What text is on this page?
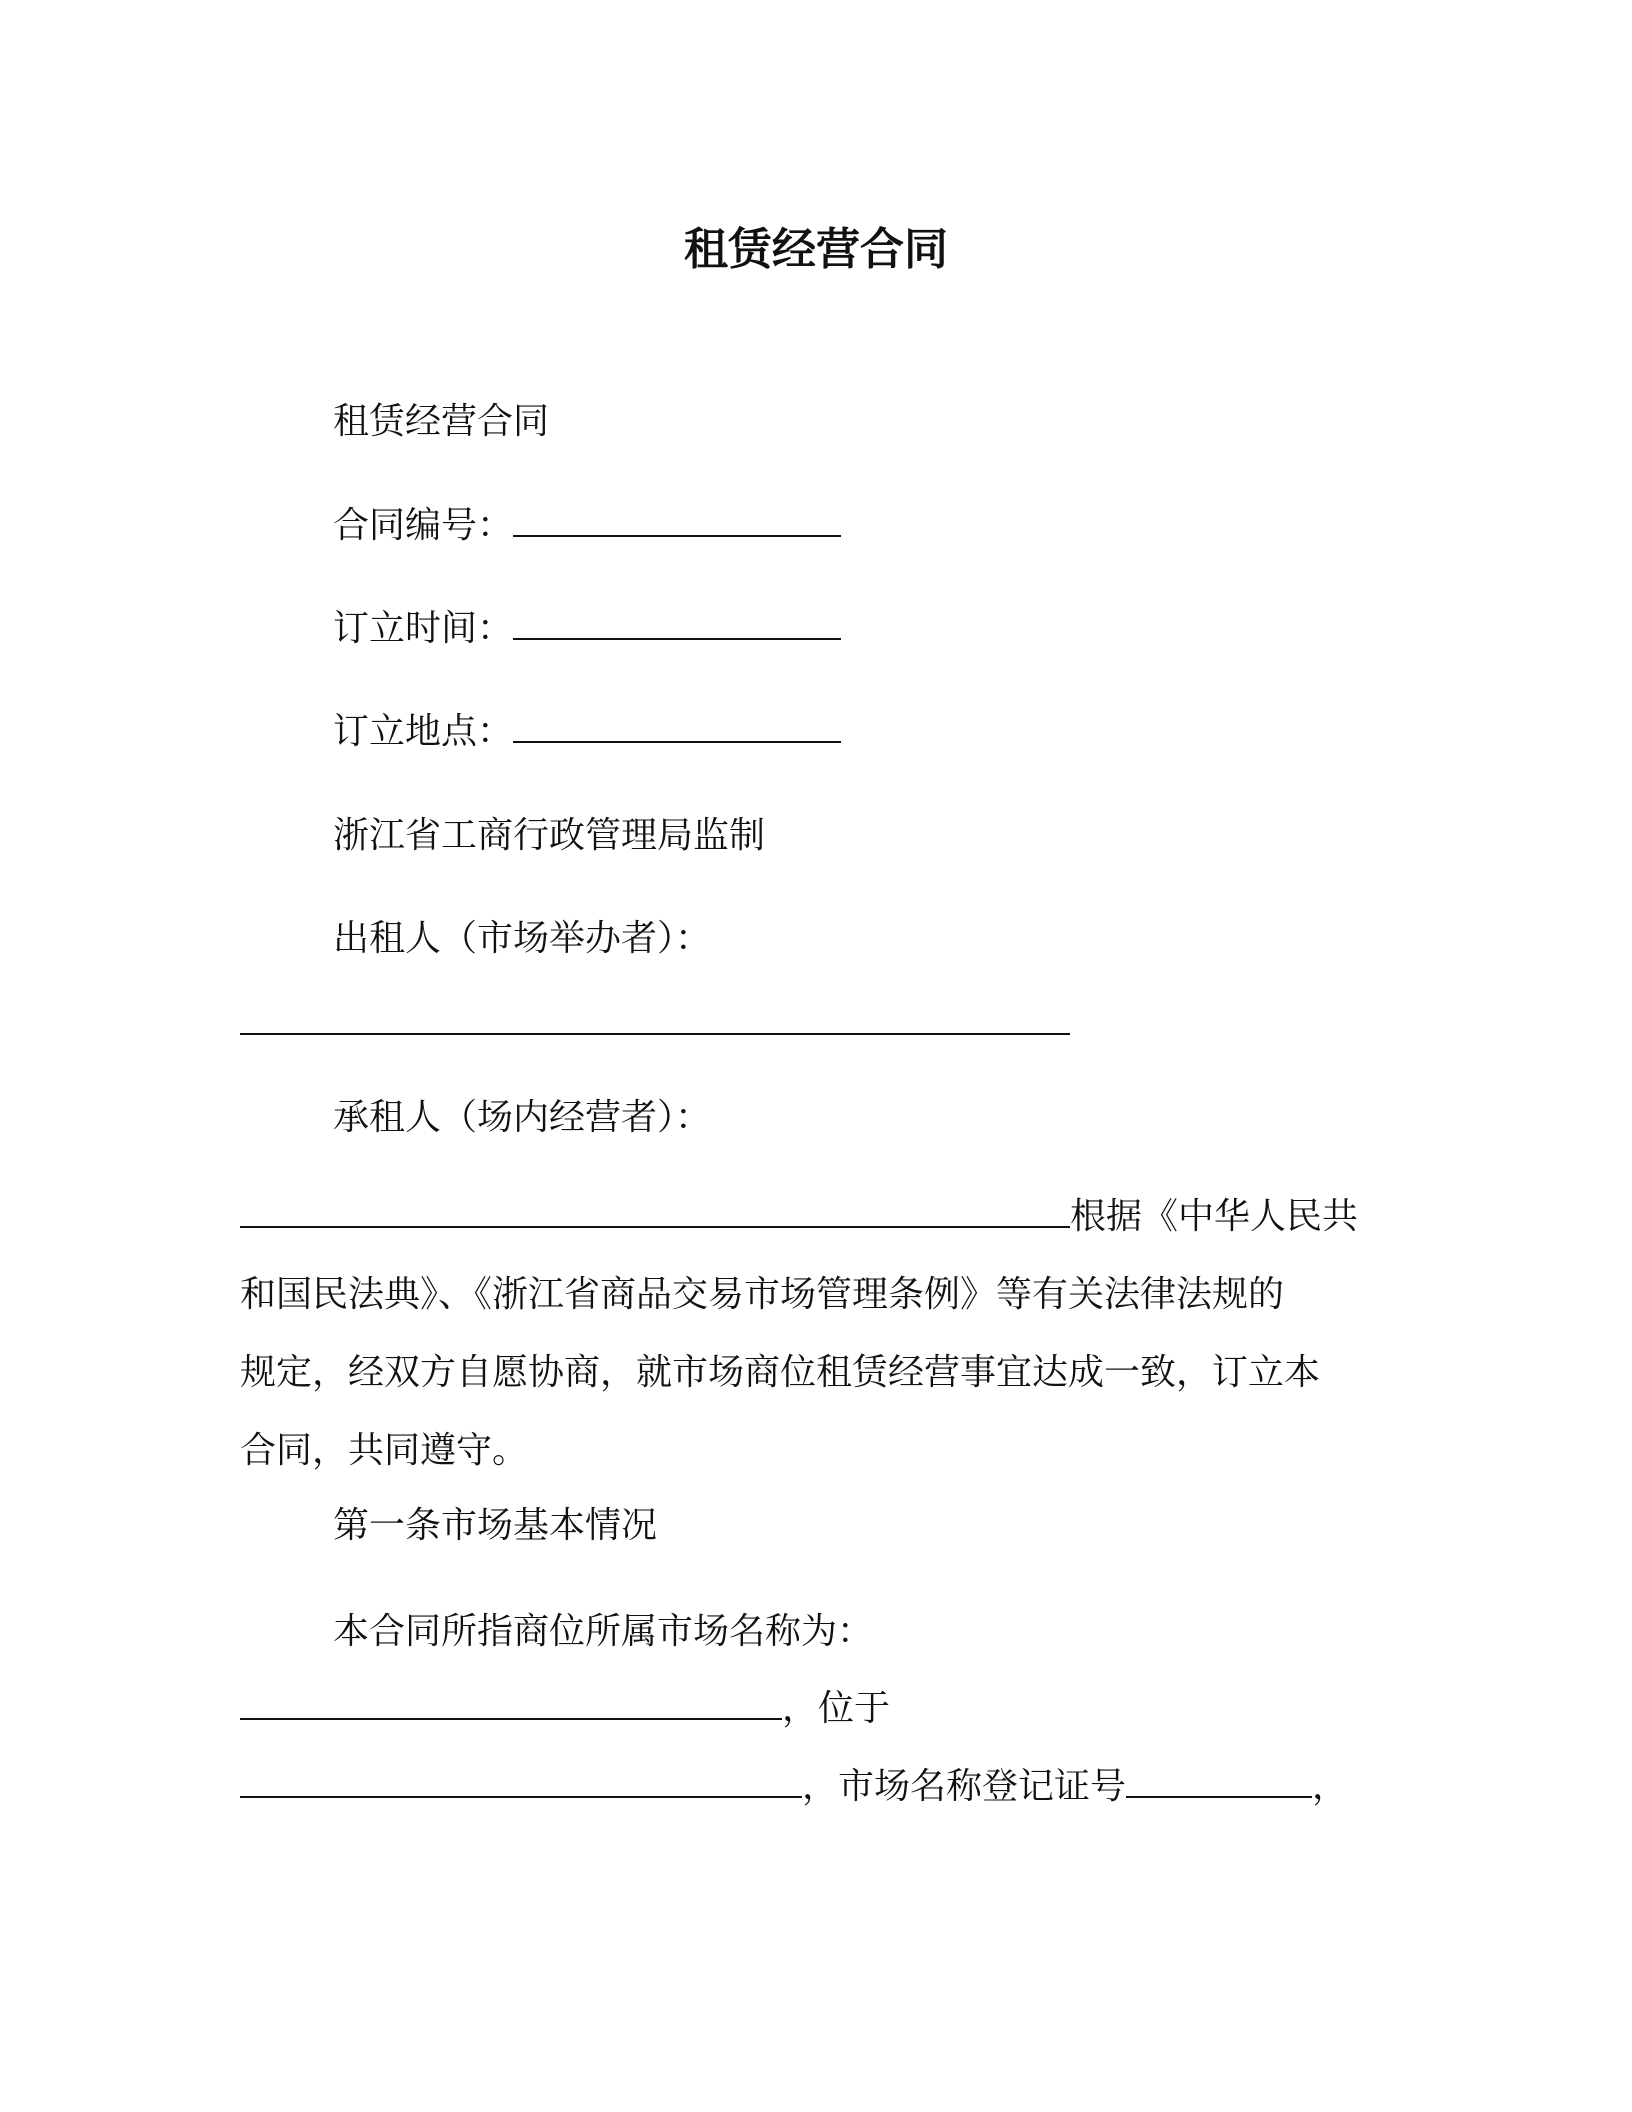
租赁经营合同

租赁经营合同

合同编号：

订立时间：

订立地点：

浙江省工商行政管理局监制

出租人（市场举办者）：

承租人（场内经营者）：

根据《中华人民共
和国民法典》、《浙江省商品交易市场管理条例》等有关法律法规的
规定，经双方自愿协商，就市场商位租赁经营事宜达成一致，订立本
合同，共同遵守。

第一条市场基本情况

本合同所指商位所属市场名称为：

，位于

，市场名称登记证号	，
